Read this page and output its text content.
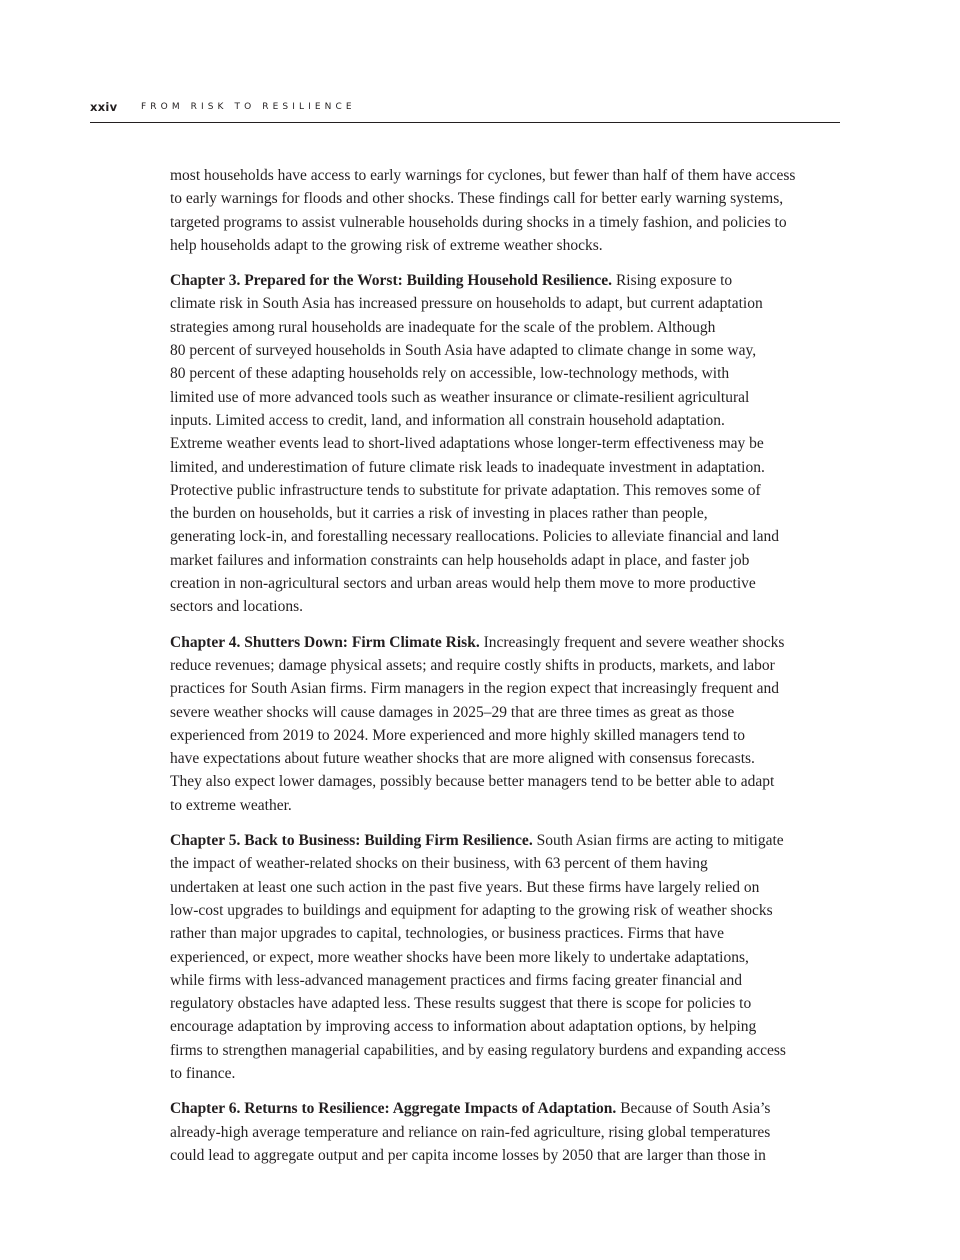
xxiv	FROM RISK TO RESILIENCE
most households have access to early warnings for cyclones, but fewer than half of them have access
to early warnings for floods and other shocks. These findings call for better early warning systems,
targeted programs to assist vulnerable households during shocks in a timely fashion, and policies to
help households adapt to the growing risk of extreme weather shocks.
Chapter 3. Prepared for the Worst: Building Household Resilience. Rising exposure to
climate risk in South Asia has increased pressure on households to adapt, but current adaptation
strategies among rural households are inadequate for the scale of the problem. Although
80 percent of surveyed households in South Asia have adapted to climate change in some way,
80 percent of these adapting households rely on accessible, low-technology methods, with
limited use of more advanced tools such as weather insurance or climate-resilient agricultural
inputs. Limited access to credit, land, and information all constrain household adaptation.
Extreme weather events lead to short-lived adaptations whose longer-term effectiveness may be
limited, and underestimation of future climate risk leads to inadequate investment in adaptation.
Protective public infrastructure tends to substitute for private adaptation. This removes some of
the burden on households, but it carries a risk of investing in places rather than people,
generating lock-in, and forestalling necessary reallocations. Policies to alleviate financial and land
market failures and information constraints can help households adapt in place, and faster job
creation in non-agricultural sectors and urban areas would help them move to more productive
sectors and locations.
Chapter 4. Shutters Down: Firm Climate Risk. Increasingly frequent and severe weather shocks
reduce revenues; damage physical assets; and require costly shifts in products, markets, and labor
practices for South Asian firms. Firm managers in the region expect that increasingly frequent and
severe weather shocks will cause damages in 2025–29 that are three times as great as those
experienced from 2019 to 2024. More experienced and more highly skilled managers tend to
have expectations about future weather shocks that are more aligned with consensus forecasts.
They also expect lower damages, possibly because better managers tend to be better able to adapt
to extreme weather.
Chapter 5. Back to Business: Building Firm Resilience. South Asian firms are acting to mitigate
the impact of weather-related shocks on their business, with 63 percent of them having
undertaken at least one such action in the past five years. But these firms have largely relied on
low-cost upgrades to buildings and equipment for adapting to the growing risk of weather shocks
rather than major upgrades to capital, technologies, or business practices. Firms that have
experienced, or expect, more weather shocks have been more likely to undertake adaptations,
while firms with less-advanced management practices and firms facing greater financial and
regulatory obstacles have adapted less. These results suggest that there is scope for policies to
encourage adaptation by improving access to information about adaptation options, by helping
firms to strengthen managerial capabilities, and by easing regulatory burdens and expanding access
to finance.
Chapter 6. Returns to Resilience: Aggregate Impacts of Adaptation. Because of South Asia’s
already-high average temperature and reliance on rain-fed agriculture, rising global temperatures
could lead to aggregate output and per capita income losses by 2050 that are larger than those in
